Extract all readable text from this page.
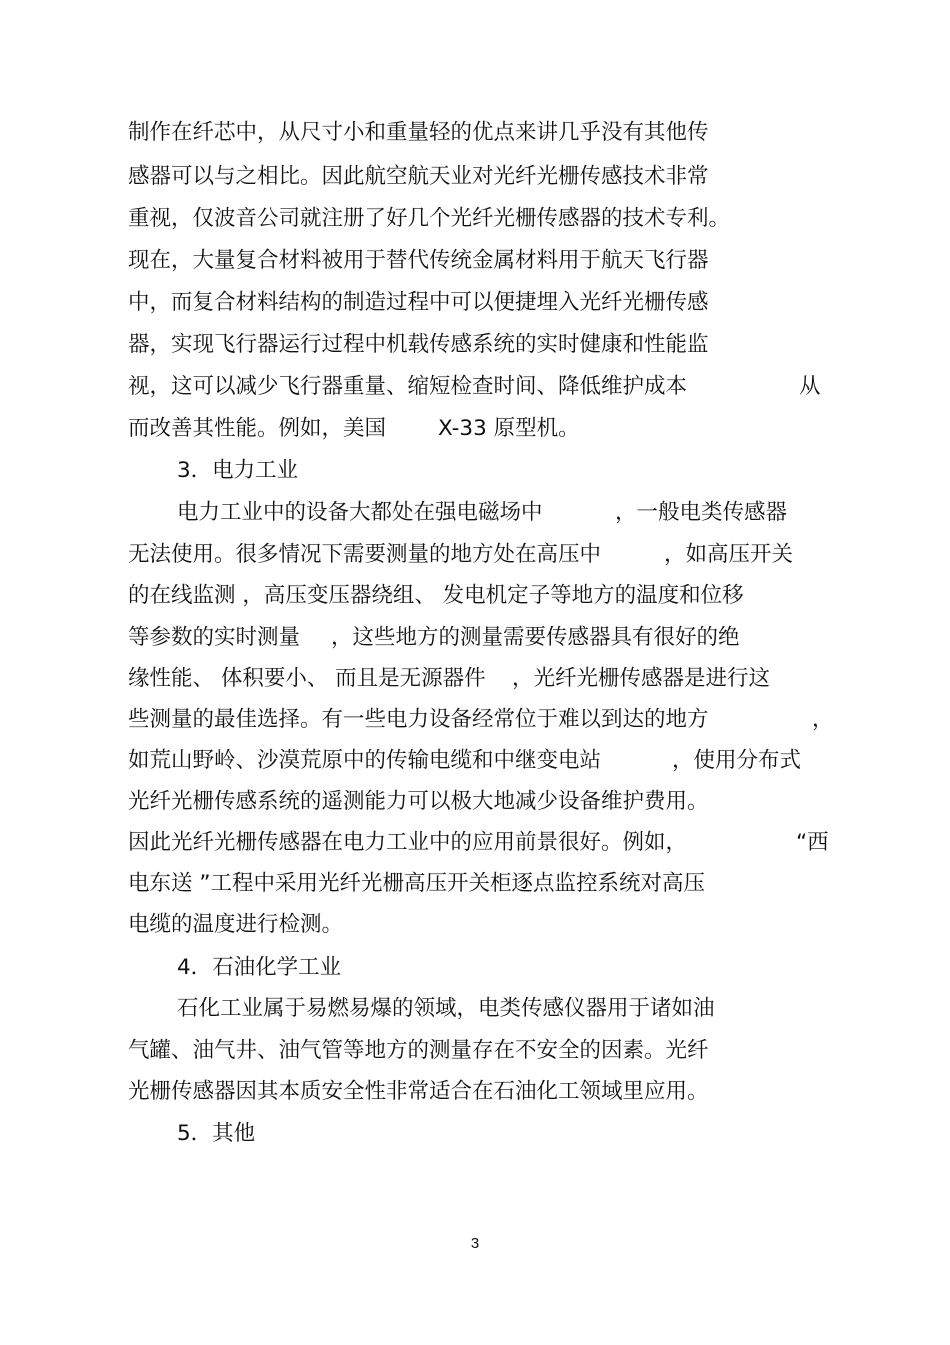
制作在纤芯中，从尺寸小和重量轻的优点来讲几乎没有其他传
感器可以与之相比。因此航空航天业对光纤光栅传感技术非常
重视，仅波音公司就注册了好几个光纤光栅传感器的技术专利。
现在，大量复合材料被用于替代传统金属材料用于航天飞行器
中，而复合材料结构的制造过程中可以便捷埋入光纤光栅传感
器，实现飞行器运行过程中机载传感系统的实时健康和性能监
视，这可以减少飞行器重量、缩短检查时间、降低维护成本	从
而改善其性能。例如，美国 X-33 原型机。
3．电力工业
电力工业中的设备大都处在强电磁场中	，一般电类传感器
无法使用。很多情况下需要测量的地方处在高压中	，如高压开关
的在线监测 ，高压变压器绕组、 发电机定子等地方的温度和位移
等参数的实时测量 ，这些地方的测量需要传感器具有很好的绝
缘性能、 体积要小、 而且是无源器件 ，光纤光栅传感器是进行这
些测量的最佳选择。有一些电力设备经常位于难以到达的地方	，
如荒山野岭、沙漠荒原中的传输电缆和中继变电站	，使用分布式
光纤光栅传感系统的遥测能力可以极大地减少设备维护费用。
因此光纤光栅传感器在电力工业中的应用前景很好。例如，	“西
电东送 ”工程中采用光纤光栅高压开关柜逐点监控系统对高压
电缆的温度进行检测。
4．石油化学工业
石化工业属于易燃易爆的领域，电类传感仪器用于诸如油
气罐、油气井、油气管等地方的测量存在不安全的因素。光纤
光栅传感器因其本质安全性非常适合在石油化工领域里应用。
5．其他
3
